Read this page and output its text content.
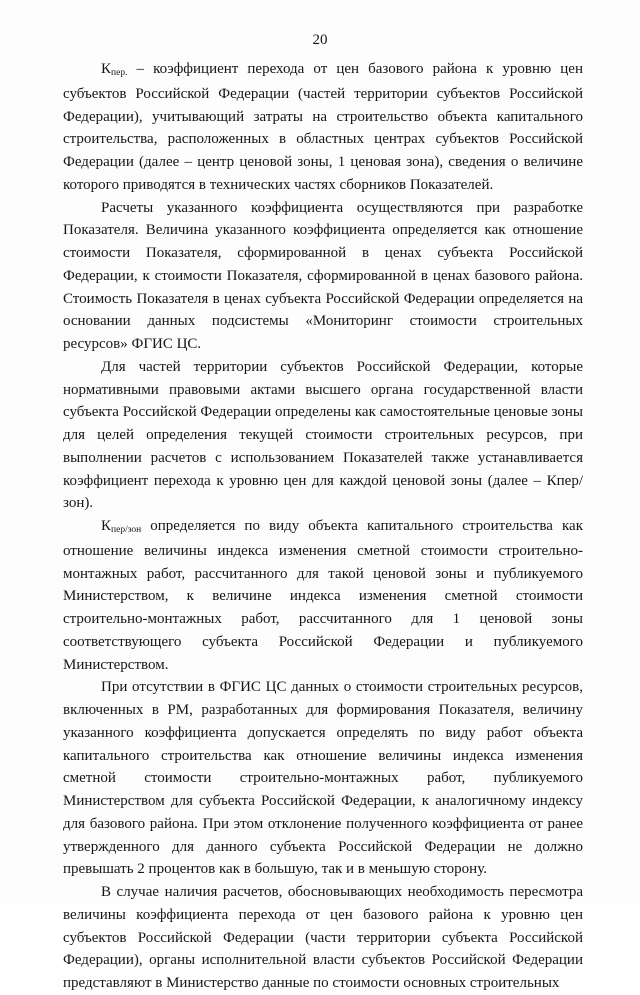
20

Кпер. – коэффициент перехода от цен базового района к уровню цен субъектов Российской Федерации (частей территории субъектов Российской Федерации), учитывающий затраты на строительство объекта капитального строительства, расположенных в областных центрах субъектов Российской Федерации (далее – центр ценовой зоны, 1 ценовая зона), сведения о величине которого приводятся в технических частях сборников Показателей.

Расчеты указанного коэффициента осуществляются при разработке Показателя. Величина указанного коэффициента определяется как отношение стоимости Показателя, сформированной в ценах субъекта Российской Федерации, к стоимости Показателя, сформированной в ценах базового района. Стоимость Показателя в ценах субъекта Российской Федерации определяется на основании данных подсистемы «Мониторинг стоимости строительных ресурсов» ФГИС ЦС.

Для частей территории субъектов Российской Федерации, которые нормативными правовыми актами высшего органа государственной власти субъекта Российской Федерации определены как самостоятельные ценовые зоны для целей определения текущей стоимости строительных ресурсов, при выполнении расчетов с использованием Показателей также устанавливается коэффициент перехода к уровню цен для каждой ценовой зоны (далее – Кпер/зон).

Кпер/зон определяется по виду объекта капитального строительства как отношение величины индекса изменения сметной стоимости строительно-монтажных работ, рассчитанного для такой ценовой зоны и публикуемого Министерством, к величине индекса изменения сметной стоимости строительно-монтажных работ, рассчитанного для 1 ценовой зоны соответствующего субъекта Российской Федерации и публикуемого Министерством.

При отсутствии в ФГИС ЦС данных о стоимости строительных ресурсов, включенных в РМ, разработанных для формирования Показателя, величину указанного коэффициента допускается определять по виду работ объекта капитального строительства как отношение величины индекса изменения сметной стоимости строительно-монтажных работ, публикуемого Министерством для субъекта Российской Федерации, к аналогичному индексу для базового района. При этом отклонение полученного коэффициента от ранее утвержденного для данного субъекта Российской Федерации не должно превышать 2 процентов как в большую, так и в меньшую сторону.

В случае наличия расчетов, обосновывающих необходимость пересмотра величины коэффициента перехода от цен базового района к уровню цен субъектов Российской Федерации (части территории субъекта Российской Федерации), органы исполнительной власти субъектов Российской Федерации представляют в Министерство данные по стоимости основных строительных
